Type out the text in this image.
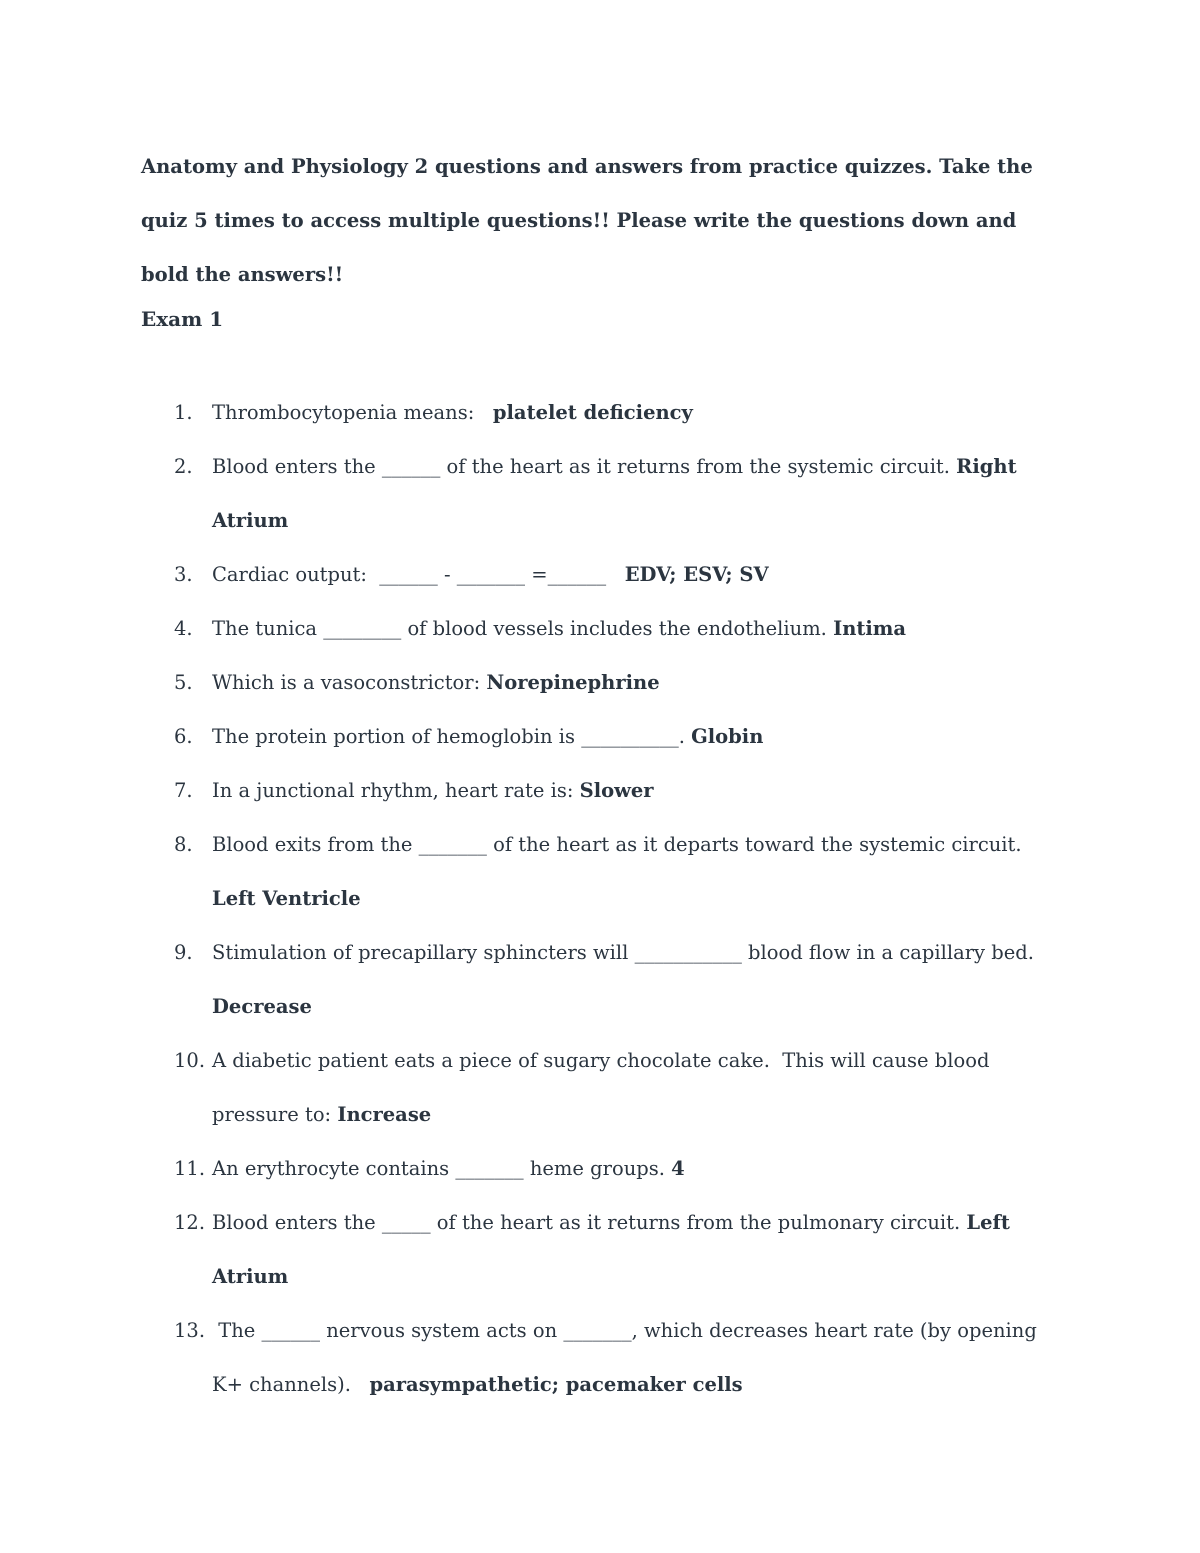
Anatomy and Physiology 2 questions and answers from practice quizzes. Take the quiz 5 times to access multiple questions!! Please write the questions down and bold the answers!!

Exam 1

1. Thrombocytopenia means:   platelet deficiency
2. Blood enters the ______ of the heart as it returns from the systemic circuit. Right Atrium
3. Cardiac output:  ______ - _______ =______   EDV; ESV; SV
4. The tunica ________ of blood vessels includes the endothelium. Intima
5. Which is a vasoconstrictor: Norepinephrine
6. The protein portion of hemoglobin is __________. Globin
7. In a junctional rhythm, heart rate is: Slower
8. Blood exits from the _______ of the heart as it departs toward the systemic circuit. Left Ventricle
9. Stimulation of precapillary sphincters will ___________ blood flow in a capillary bed. Decrease
10. A diabetic patient eats a piece of sugary chocolate cake.  This will cause blood pressure to: Increase
11. An erythrocyte contains _______ heme groups. 4
12. Blood enters the _____ of the heart as it returns from the pulmonary circuit. Left Atrium
13. The ______ nervous system acts on _______, which decreases heart rate (by opening K+ channels).   parasympathetic; pacemaker cells
